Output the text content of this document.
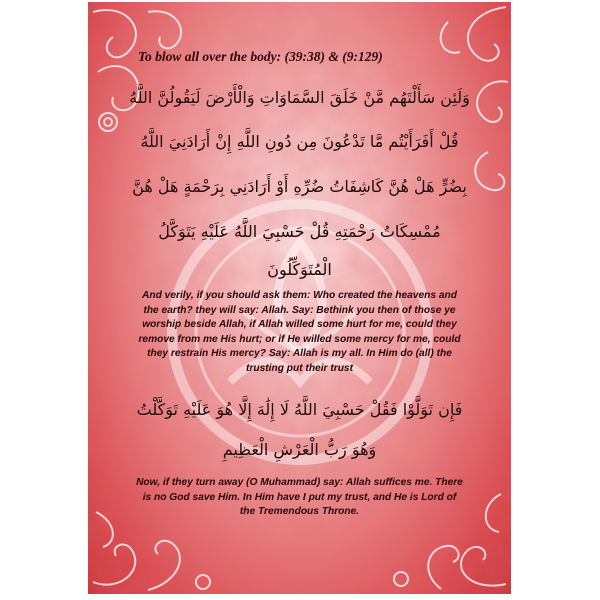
To blow all over the body: (39:38) & (9:129)
وَلَئِن سَأَلْتَهُم مَّنْ خَلَقَ السَّمَاوَاتِ وَالْأَرْضَ لَيَقُولُنَّ اللَّهُ
قُلْ أَفَرَأَيْتُم مَّا تَدْعُونَ مِن دُونِ اللَّهِ إِنْ أَرَادَنِيَ اللَّهُ
بِضُرٍّ هَلْ هُنَّ كَاشِفَاتُ ضُرِّهِ أَوْ أَرَادَنِي بِرَحْمَةٍ هَلْ هُنَّ
مُمْسِكَاتُ رَحْمَتِهِ قُلْ حَسْبِيَ اللَّهُ عَلَيْهِ يَتَوَكَّلُ
الْمُتَوَكِّلُونَ
And verily, if you should ask them: Who created the heavens and
the earth? they will say: Allah. Say: Bethink you then of those ye
worship beside Allah, if Allah willed some hurt for me, could they
remove from me His hurt; or if He willed some mercy for me, could
they restrain His mercy? Say: Allah is my all. In Him do (all) the
trusting put their trust
فَإِن تَوَلَّوْا فَقُلْ حَسْبِيَ اللَّهُ لَا إِلَٰهَ إِلَّا هُوَ عَلَيْهِ تَوَكَّلْتُ
وَهُوَ رَبُّ الْعَرْشِ الْعَظِيمِ
Now, if they turn away (O Muhammad) say: Allah suffices me. There
is no God save Him. In Him have I put my trust, and He is Lord of
the Tremendous Throne.
